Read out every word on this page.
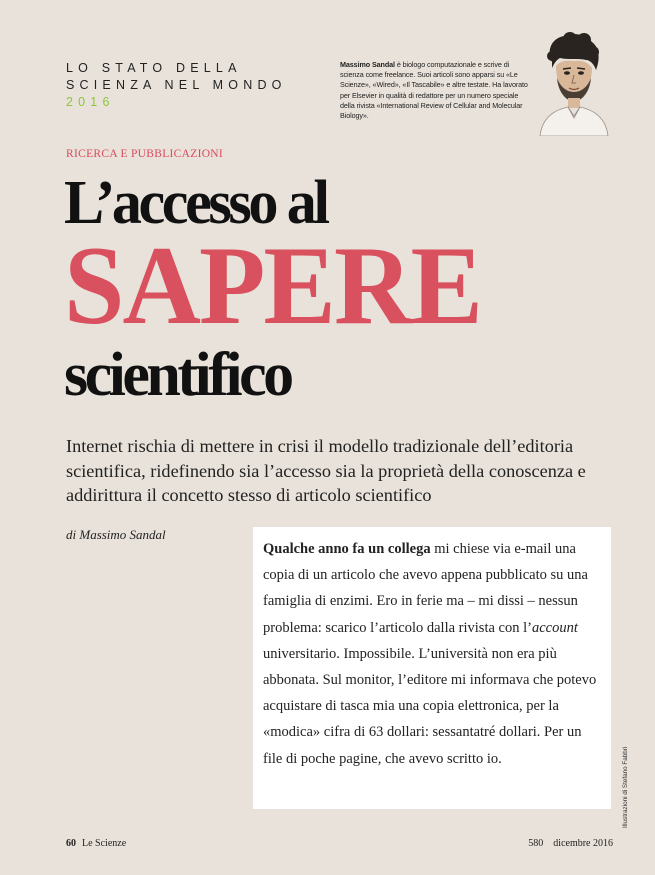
LO STATO DELLA
SCIENZA NEL MONDO
2016
Massimo Sandal è biologo computazionale e scrive di scienza come freelance. Suoi articoli sono apparsi su «Le Scienze», «Wired», «Il Tascabile» e altre testate. Ha lavorato per Elsevier in qualità di redattore per un numero speciale della rivista «International Review of Cellular and Molecular Biology».
RICERCA E PUBBLICAZIONI
L’accesso al
SAPERE
scientifico
Internet rischia di mettere in crisi il modello tradizionale dell’editoria scientifica, ridefinendo sia l’accesso sia la proprietà della conoscenza e addirittura il concetto stesso di articolo scientifico
di Massimo Sandal

Qualche anno fa un collega mi chiese via e-mail una copia di un articolo che avevo appena pubblicato su una famiglia di enzimi. Ero in ferie ma – mi dissi – nessun problema: scarico l’articolo dalla rivista con l’account universitario. Impossibile. L’università non era più abbonata. Sul monitor, l’editore mi informava che potevo acquistare di tasca mia una copia elettronica, per la «modica» cifra di 63 dollari: sessantatré dollari. Per un file di poche pagine, che avevo scritto io.	Illustrazioni di Stefano Fabbri
60 Le Scienze	580 dicembre 2016
